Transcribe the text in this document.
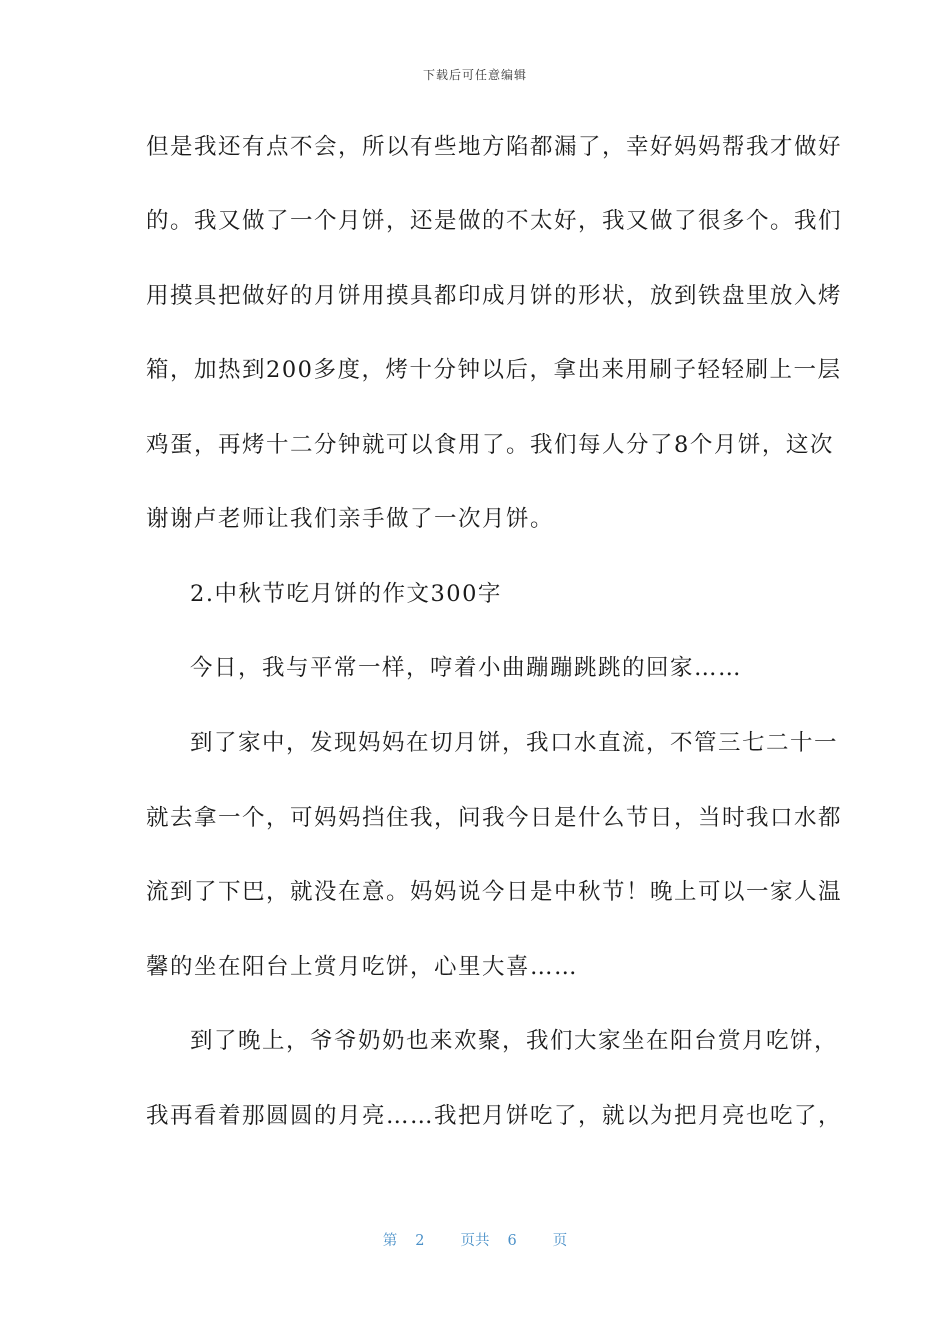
下载后可任意编辑
但是我还有点不会，所以有些地方陷都漏了，幸好妈妈帮我才做好
的。我又做了一个月饼，还是做的不太好，我又做了很多个。我们
用摸具把做好的月饼用摸具都印成月饼的形状，放到铁盘里放入烤
箱，加热到200多度，烤十分钟以后，拿出来用刷子轻轻刷上一层
鸡蛋，再烤十二分钟就可以食用了。我们每人分了8个月饼，这次
谢谢卢老师让我们亲手做了一次月饼。
2.中秋节吃月饼的作文300字
今日，我与平常一样，哼着小曲蹦蹦跳跳的回家……
到了家中，发现妈妈在切月饼，我口水直流，不管三七二十一
就去拿一个，可妈妈挡住我，问我今日是什么节日，当时我口水都
流到了下巴，就没在意。妈妈说今日是中秋节！晚上可以一家人温
馨的坐在阳台上赏月吃饼，心里大喜……
到了晚上，爷爷奶奶也来欢聚，我们大家坐在阳台赏月吃饼，
我再看着那圆圆的月亮……我把月饼吃了，就以为把月亮也吃了，
第 2 页共 6 页
